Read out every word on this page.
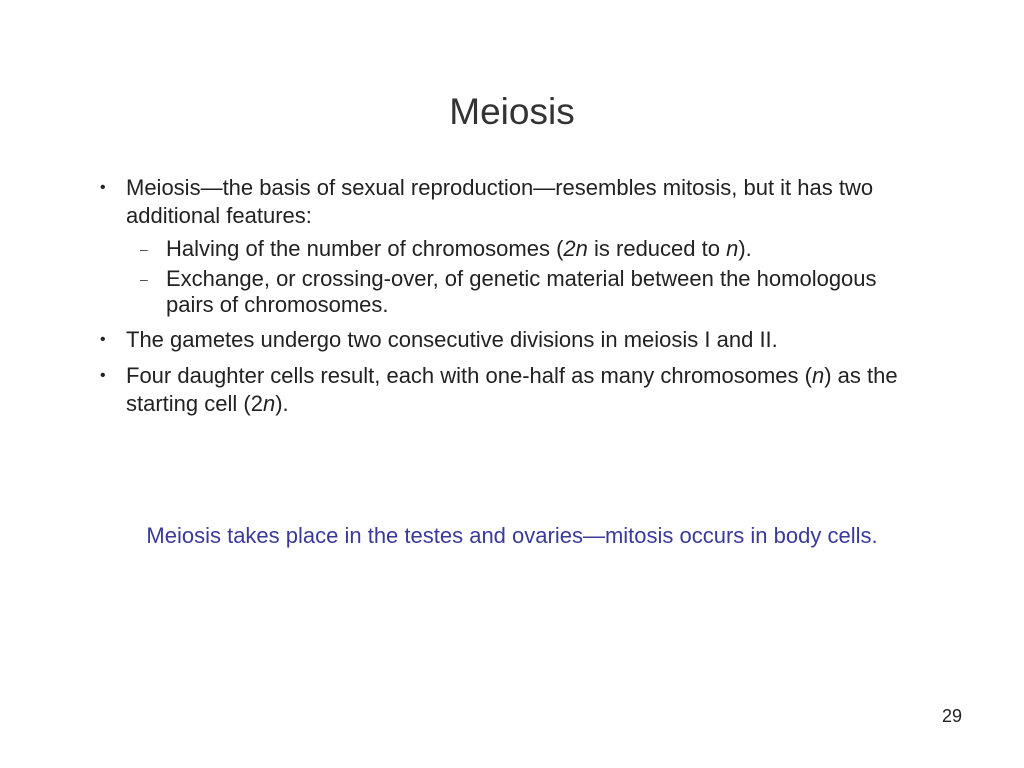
Meiosis
• Meiosis—the basis of sexual reproduction—resembles mitosis, but it has two additional features:
– Halving of the number of chromosomes (2n is reduced to n).
– Exchange, or crossing-over, of genetic material between the homologous pairs of chromosomes.
• The gametes undergo two consecutive divisions in meiosis I and II.
• Four daughter cells result, each with one-half as many chromosomes (n) as the starting cell (2n).
Meiosis takes place in the testes and ovaries—mitosis occurs in body cells.
29
